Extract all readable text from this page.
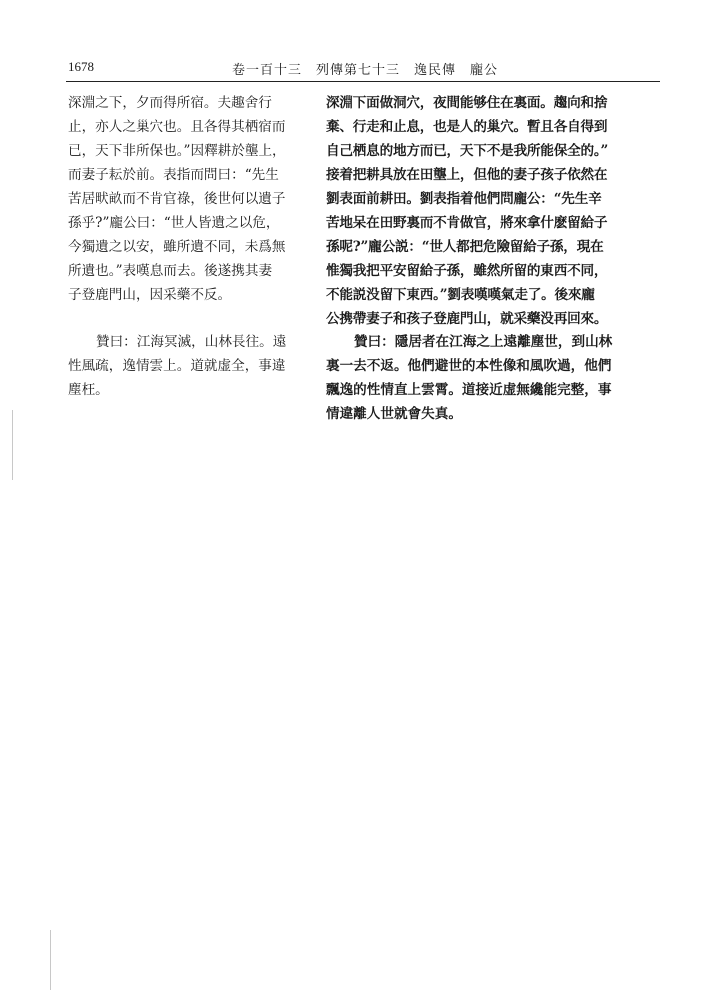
1678	卷一百十三　列傳第七十三　逸民傳　龐公
深淵之下，夕而得所宿。夫趣舍行
止，亦人之巢穴也。且各得其栖宿而
已，天下非所保也。”因釋耕於壟上，
而妻子耘於前。表指而問曰：“先生
苦居畎畝而不肯官祿，後世何以遺子
孫乎?”龐公曰：“世人皆遺之以危，
今獨遺之以安，雖所遺不同，未爲無
所遺也。”表嘆息而去。後遂携其妻
子登鹿門山，因采藥不反。
深淵下面做洞穴，夜間能够住在裏面。趨向和捨
棄、行走和止息，也是人的巢穴。暫且各自得到
自己栖息的地方而已，天下不是我所能保全的。”
接着把耕具放在田壟上，但他的妻子孩子依然在
劉表面前耕田。劉表指着他們問龐公：“先生辛
苦地呆在田野裏而不肯做官，將來拿什麽留給子
孫呢?”龐公説：“世人都把危險留給子孫，現在
惟獨我把平安留給子孫，雖然所留的東西不同，
不能説没留下東西。”劉表嘆嘆氣走了。後來龐
公携帶妻子和孩子登鹿門山，就采藥没再回來。
贊曰：江海冥滅，山林長往。遠
性風疏，逸情雲上。道就虚全，事違
塵枉。
贊曰：隱居者在江海之上遠離塵世，到山林
裏一去不返。他們避世的本性像和風吹過，他們
飄逸的性情直上雲霄。道接近虚無纔能完整，事
情違離人世就會失真。
